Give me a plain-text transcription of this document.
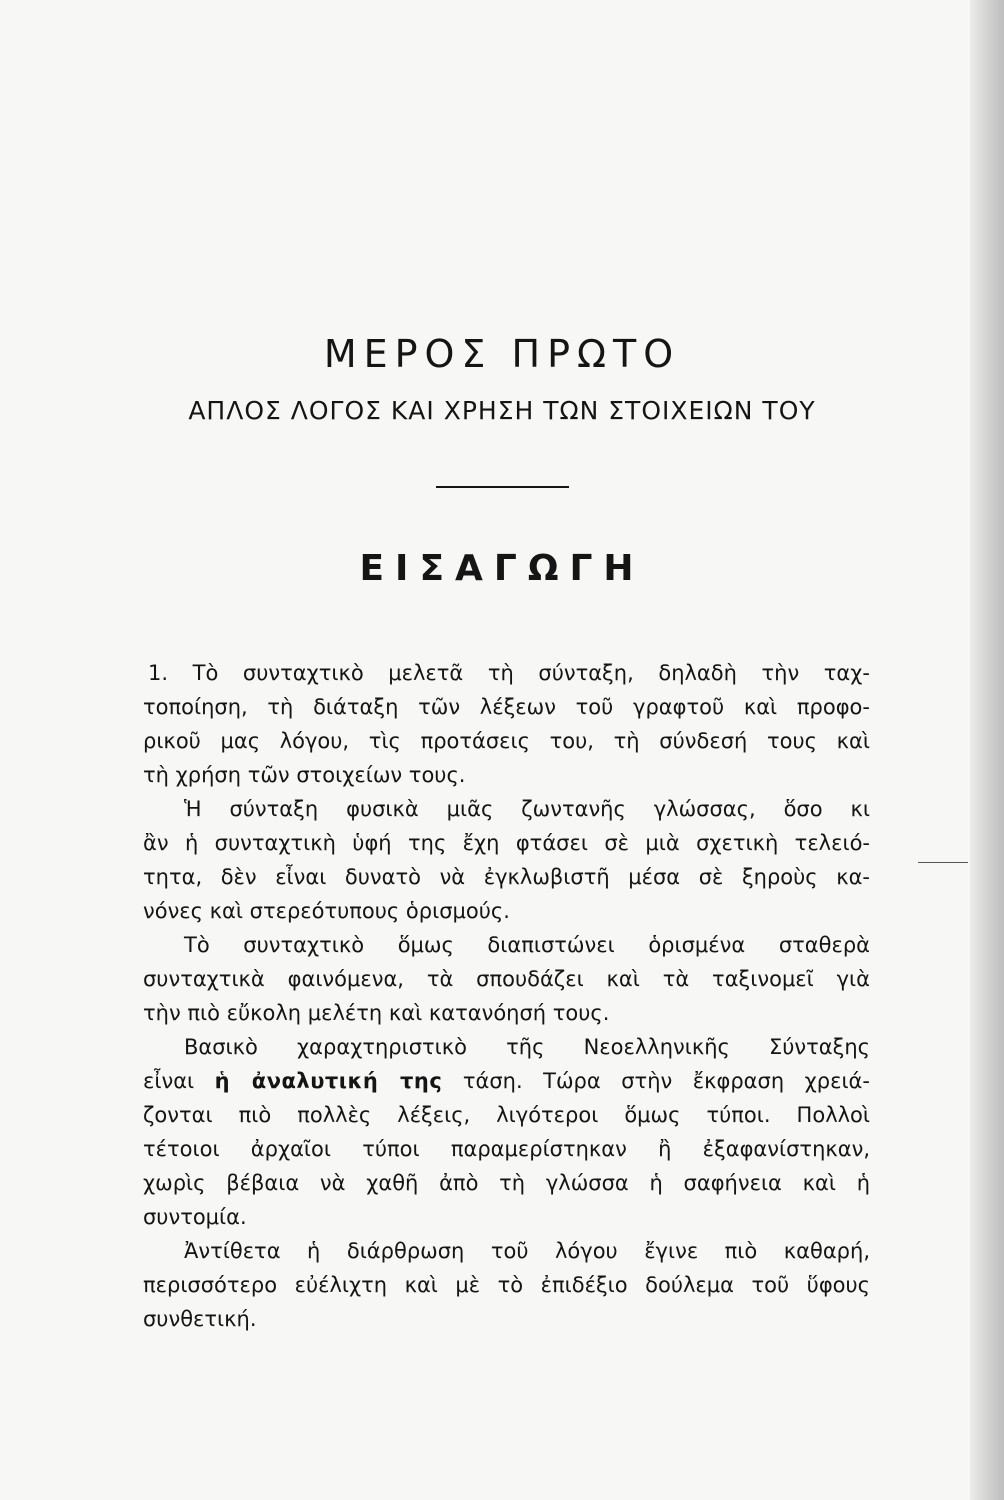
ΜΕΡΟΣ ΠΡΩΤΟ
ΑΠΛΟΣ ΛΟΓΟΣ ΚΑΙ ΧΡΗΣΗ ΤΩΝ ΣΤΟΙΧΕΙΩΝ ΤΟΥ
ΕΙΣΑΓΩΓΗ
1. Τὸ συνταχτικὸ μελετᾶ τὴ σύνταξη, δηλαδὴ τὴν ταχ-
τοποίηση, τὴ διάταξη τῶν λέξεων τοῦ γραφτοῦ καὶ προφο-
ρικοῦ μας λόγου, τὶς προτάσεις του, τὴ σύνδεσή τους καὶ
τὴ χρήση τῶν στοιχείων τους.
Ἡ σύνταξη φυσικὰ μιᾶς ζωντανῆς γλώσσας, ὅσο κι
ἂν ἡ συνταχτικὴ ὑφή της ἔχη φτάσει σὲ μιὰ σχετικὴ τελειό-
τητα, δὲν εἶναι δυνατὸ νὰ ἐγκλωβιστῆ μέσα σὲ ξηροὺς κα-
νόνες καὶ στερεότυπους ὁρισμούς.
Τὸ συνταχτικὸ ὅμως διαπιστώνει ὁρισμένα σταθερὰ
συνταχτικὰ φαινόμενα, τὰ σπουδάζει καὶ τὰ ταξινομεῖ γιὰ
τὴν πιὸ εὔκολη μελέτη καὶ κατανόησή τους.
Βασικὸ χαραχτηριστικὸ τῆς Νεοελληνικῆς Σύνταξης
εἶναι ἡ ἀναλυτική της τάση. Τώρα στὴν ἔκφραση χρειά-
ζονται πιὸ πολλὲς λέξεις, λιγότεροι ὅμως τύποι. Πολλοὶ
τέτοιοι ἀρχαῖοι τύποι παραμερίστηκαν ἢ ἐξαφανίστηκαν,
χωρὶς βέβαια νὰ χαθῆ ἀπὸ τὴ γλώσσα ἡ σαφήνεια καὶ ἡ
συντομία.
Ἀντίθετα ἡ διάρθρωση τοῦ λόγου ἔγινε πιὸ καθαρή,
περισσότερο εὐέλιχτη καὶ μὲ τὸ ἐπιδέξιο δούλεμα τοῦ ὕφους
συνθετική.
